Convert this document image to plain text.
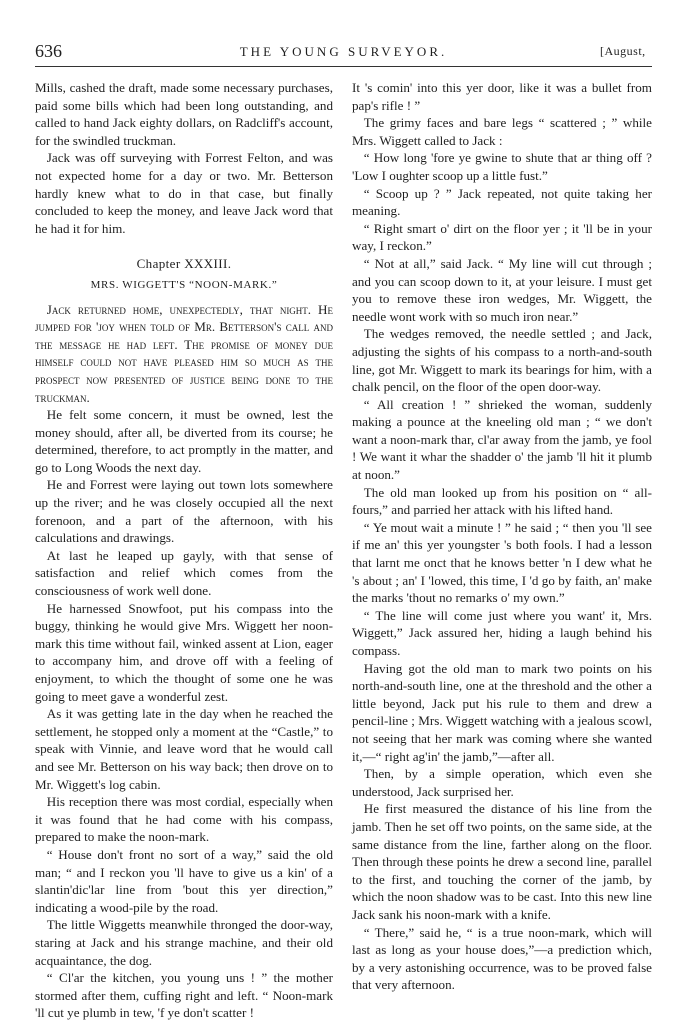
636	THE YOUNG SURVEYOR.	[August,

Mills, cashed the draft, made some necessary purchases, paid some bills which had been long outstanding, and called to hand Jack eighty dollars, on Radcliff's account, for the swindled truckman.

Jack was off surveying with Forrest Felton, and was not expected home for a day or two. Mr. Betterson hardly knew what to do in that case, but finally concluded to keep the money, and leave Jack word that he had it for him.

Chapter XXXIII.
MRS. WIGGETT'S “NOON-MARK.”

Jack returned home, unexpectedly, that night. He jumped for 'joy when told of Mr. Betterson's call and the message he had left. The promise of money due himself could not have pleased him so much as the prospect now presented of justice being done to the truckman.

He felt some concern, it must be owned, lest the money should, after all, be diverted from its course; he determined, therefore, to act promptly in the matter, and go to Long Woods the next day.

He and Forrest were laying out town lots somewhere up the river; and he was closely occupied all the next forenoon, and a part of the afternoon, with his calculations and drawings.

At last he leaped up gayly, with that sense of satisfaction and relief which comes from the consciousness of work well done.

He harnessed Snowfoot, put his compass into the buggy, thinking he would give Mrs. Wiggett her noon-mark this time without fail, winked assent at Lion, eager to accompany him, and drove off with a feeling of enjoyment, to which the thought of some one he was going to meet gave a wonderful zest.

As it was getting late in the day when he reached the settlement, he stopped only a moment at the “Castle,” to speak with Vinnie, and leave word that he would call and see Mr. Betterson on his way back; then drove on to Mr. Wiggett's log cabin.

His reception there was most cordial, especially when it was found that he had come with his compass, prepared to make the noon-mark.

“ House don't front no sort of a way,” said the old man; “ and I reckon you 'll have to give us a kin' of a slantin'dic'lar line from 'bout this yer direction,” indicating a wood-pile by the road.

The little Wiggetts meanwhile thronged the door-way, staring at Jack and his strange machine, and their old acquaintance, the dog.

“ Cl'ar the kitchen, you young uns ! ” the mother stormed after them, cuffing right and left. “ Noon-mark 'll cut ye plumb in tew, 'f ye don't scatter !

It 's comin' into this yer door, like it was a bullet from pap's rifle ! ”

The grimy faces and bare legs “ scattered ; ” while Mrs. Wiggett called to Jack :

“ How long 'fore ye gwine to shute that ar thing off ? 'Low I oughter scoop up a little fust.”

“ Scoop up ? ” Jack repeated, not quite taking her meaning.

“ Right smart o' dirt on the floor yer ; it 'll be in your way, I reckon.”

“ Not at all,” said Jack. “ My line will cut through ; and you can scoop down to it, at your leisure. I must get you to remove these iron wedges, Mr. Wiggett, the needle wont work with so much iron near.”

The wedges removed, the needle settled ; and Jack, adjusting the sights of his compass to a north-and-south line, got Mr. Wiggett to mark its bearings for him, with a chalk pencil, on the floor of the open door-way.

“ All creation ! ” shrieked the woman, suddenly making a pounce at the kneeling old man ; “ we don't want a noon-mark thar, cl'ar away from the jamb, ye fool ! We want it whar the shadder o' the jamb 'll hit it plumb at noon.”

The old man looked up from his position on “ all-fours,” and parried her attack with his lifted hand.

“ Ye mout wait a minute ! ” he said ; “ then you 'll see if me an' this yer youngster 's both fools. I had a lesson that larnt me onct that he knows better 'n I dew what he 's about ; an' I 'lowed, this time, I 'd go by faith, an' make the marks 'thout no remarks o' my own.”

“ The line will come just where you want' it, Mrs. Wiggett,” Jack assured her, hiding a laugh behind his compass.

Having got the old man to mark two points on his north-and-south line, one at the threshold and the other a little beyond, Jack put his rule to them and drew a pencil-line ; Mrs. Wiggett watching with a jealous scowl, not seeing that her mark was coming where she wanted it,—“ right ag'in' the jamb,”—after all.

Then, by a simple operation, which even she understood, Jack surprised her.

He first measured the distance of his line from the jamb. Then he set off two points, on the same side, at the same distance from the line, farther along on the floor. Then through these points he drew a second line, parallel to the first, and touching the corner of the jamb, by which the noon shadow was to be cast. Into this new line Jack sank his noon-mark with a knife.

“ There,” said he, “ is a true noon-mark, which will last as long as your house does,”—a prediction which, by a very astonishing occurrence, was to be proved false that very afternoon.
